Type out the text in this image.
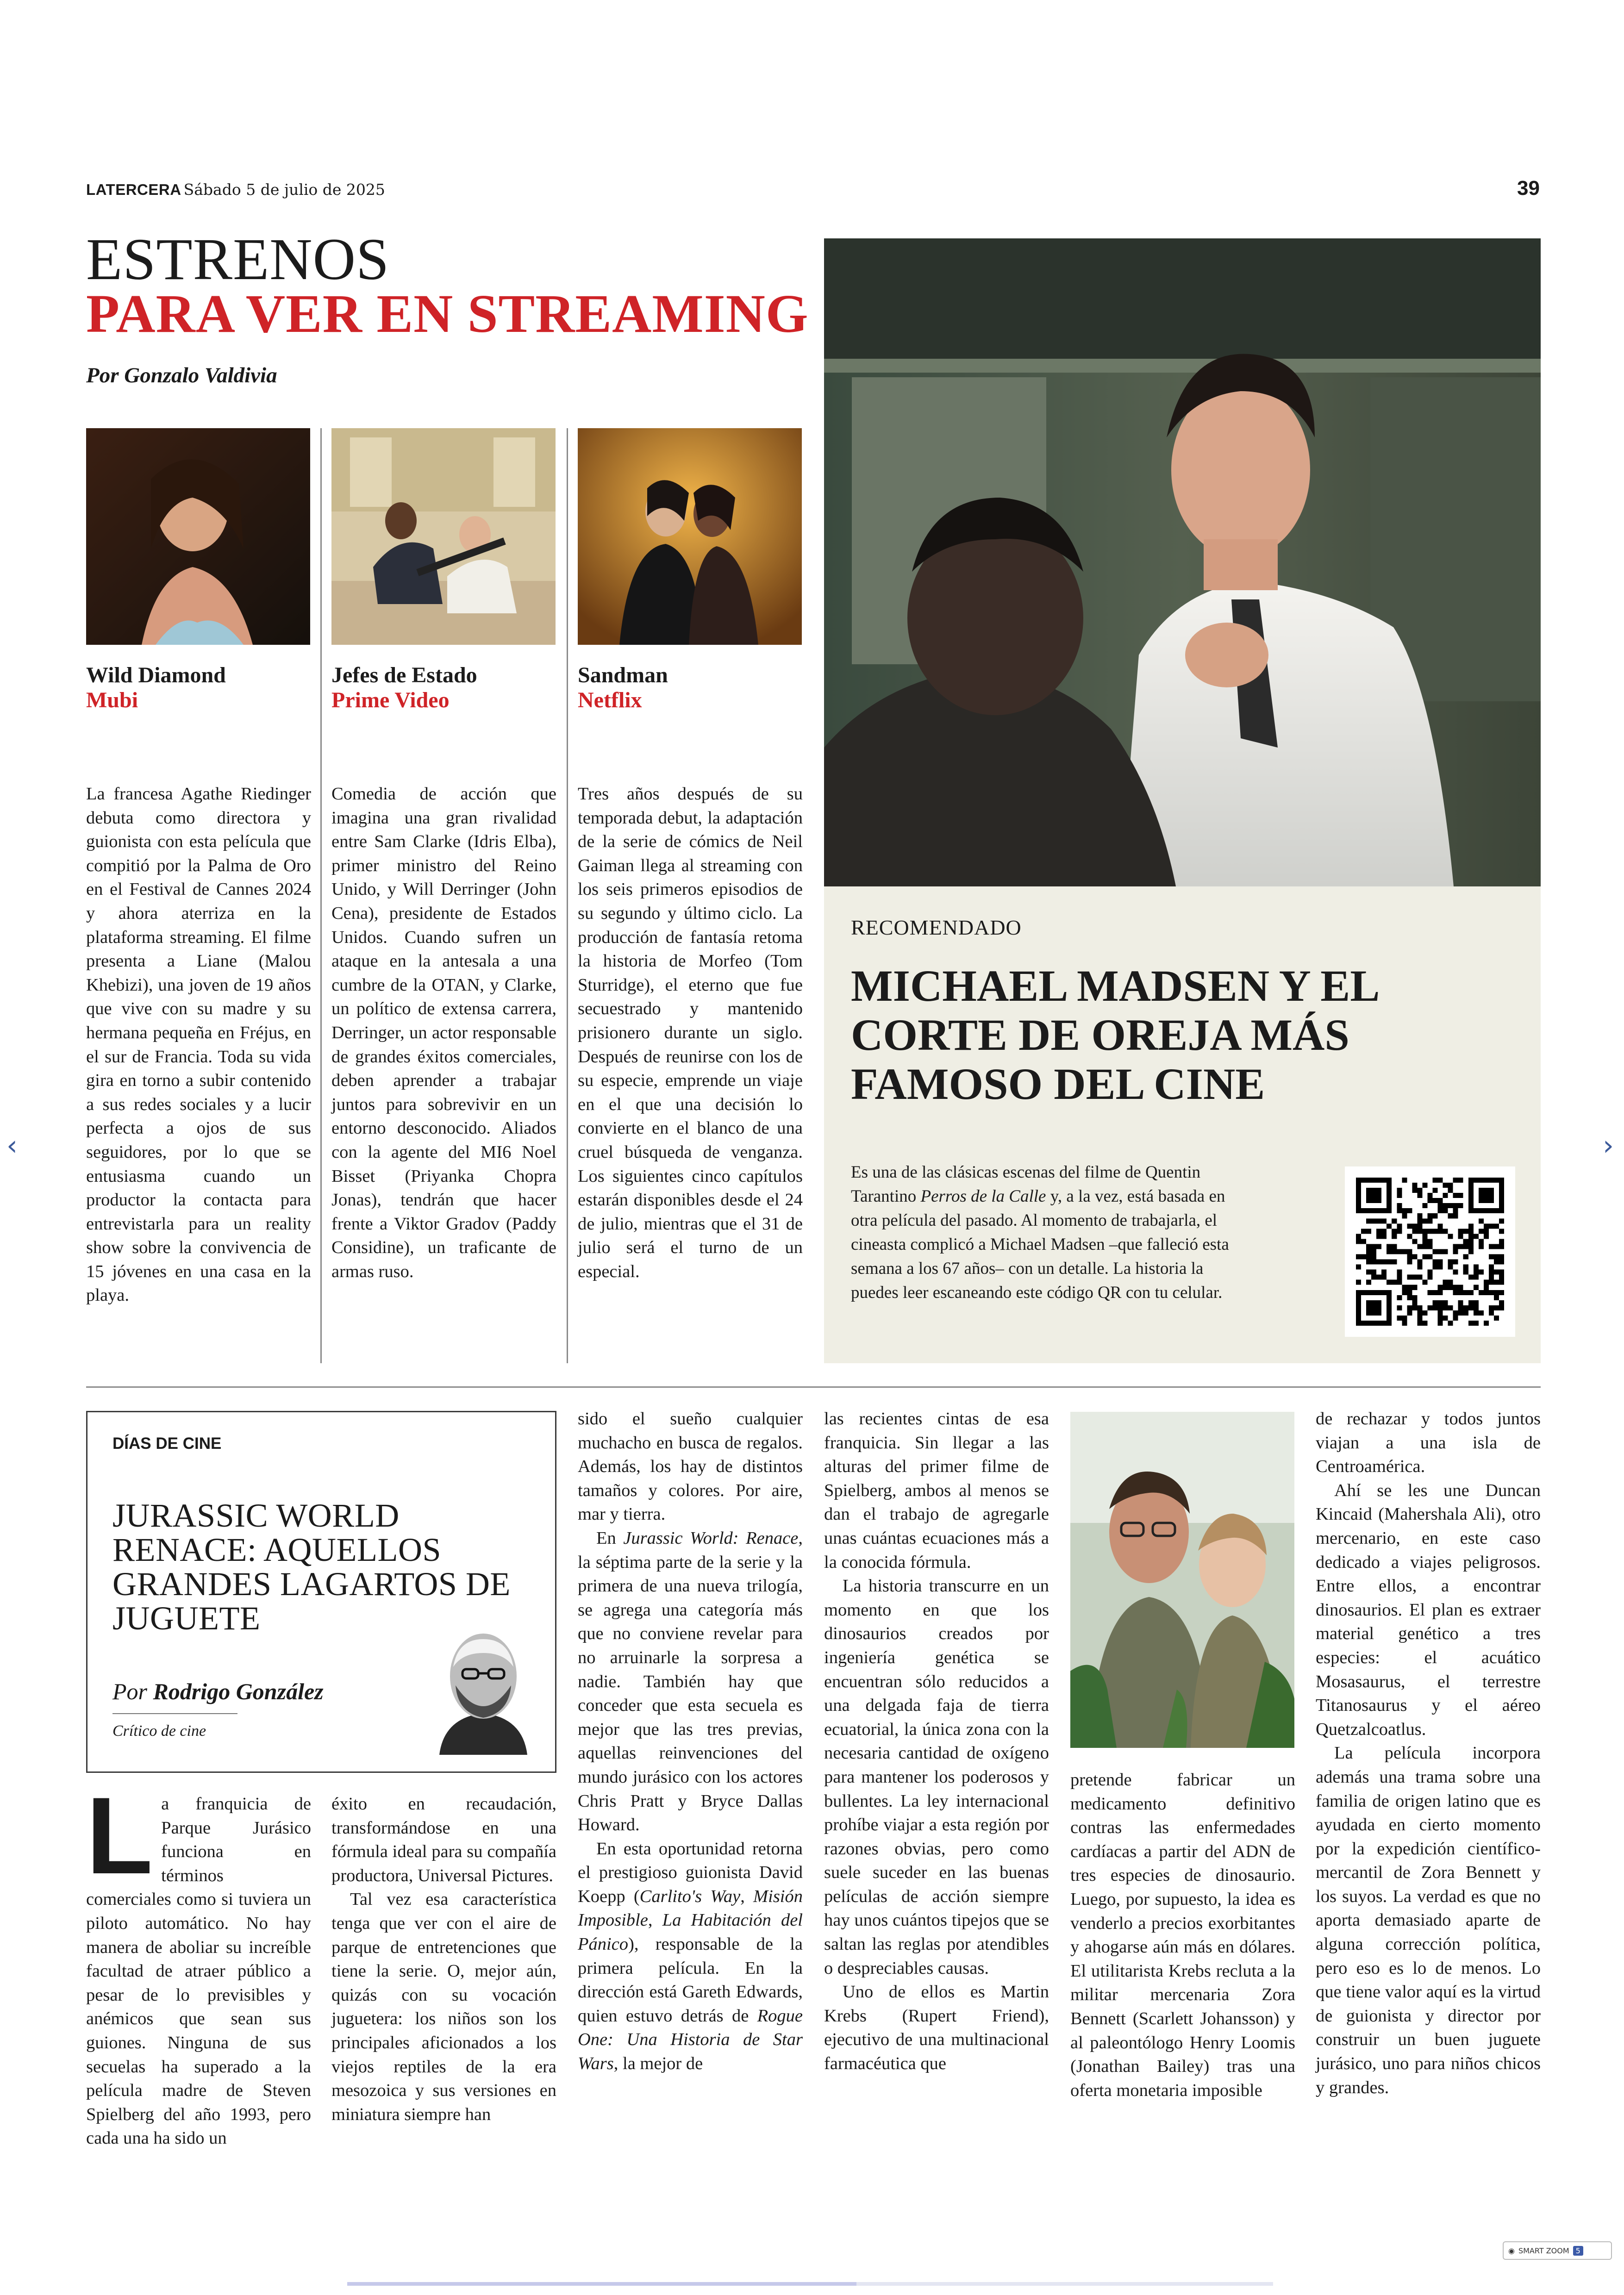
‹	›
LATERCERA Sábado 5 de julio de 2025	39
ESTRENOS
PARA VER EN STREAMING
Por Gonzalo Valdivia
Wild Diamond
Mubi
Jefes de Estado
Prime Video
Sandman
Netflix
La francesa Agathe Riedinger debuta como directora y guionista con esta película que compitió por la Palma de Oro en el Festival de Cannes 2024 y ahora aterriza en la plataforma streaming. El filme presenta a Liane (Malou Khebizi), una joven de 19 años que vive con su madre y su hermana pequeña en Fréjus, en el sur de Francia. Toda su vida gira en torno a subir contenido a sus redes sociales y a lucir perfecta a ojos de sus seguidores, por lo que se entusiasma cuando un productor la contacta para entrevistarla para un reality show sobre la convivencia de 15 jóvenes en una casa en la playa.
Comedia de acción que imagina una gran rivalidad entre Sam Clarke (Idris Elba), primer ministro del Reino Unido, y Will Derringer (John Cena), presidente de Estados Unidos. Cuando sufren un ataque en la antesala a una cumbre de la OTAN, y Clarke, un político de extensa carrera, Derringer, un actor responsable de grandes éxitos comerciales, deben aprender a trabajar juntos para sobrevivir en un entorno desconocido. Aliados con la agente del MI6 Noel Bisset (Priyanka Chopra Jonas), tendrán que hacer frente a Viktor Gradov (Paddy Considine), un traficante de armas ruso.
Tres años después de su temporada debut, la adaptación de la serie de cómics de Neil Gaiman llega al streaming con los seis primeros episodios de su segundo y último ciclo. La producción de fantasía retoma la historia de Morfeo (Tom Sturridge), el eterno que fue secuestrado y mantenido prisionero durante un siglo. Después de reunirse con los de su especie, emprende un viaje en el que una decisión lo convierte en el blanco de una cruel búsqueda de venganza. Los siguientes cinco capítulos estarán disponibles desde el 24 de julio, mientras que el 31 de julio será el turno de un especial.
RECOMENDADO
MICHAEL MADSEN Y EL CORTE DE OREJA MÁS FAMOSO DEL CINE
Es una de las clásicas escenas del filme de Quentin Tarantino Perros de la Calle y, a la vez, está basada en otra película del pasado. Al momento de trabajarla, el cineasta complicó a Michael Madsen –que falleció esta semana a los 67 años– con un detalle. La historia la puedes leer escaneando este código QR con tu celular.
DÍAS DE CINE
JURASSIC WORLD RENACE: AQUELLOS GRANDES LAGARTOS DE JUGUETE
Por Rodrigo González
Crítico de cine
La franquicia de Parque Jurásico funciona en términos comerciales como si tuviera un piloto automático. No hay manera de aboliar su increíble facultad de atraer público a pesar de lo previsibles y anémicos que sean sus guiones. Ninguna de sus secuelas ha superado a la película madre de Steven Spielberg del año 1993, pero cada una ha sido un
éxito en recaudación, transformándose en una fórmula ideal para su compañía productora, Universal Pictures.
Tal vez esa característica tenga que ver con el aire de parque de entretenciones que tiene la serie. O, mejor aún, quizás con su vocación juguetera: los niños son los principales aficionados a los viejos reptiles de la era mesozoica y sus versiones en miniatura siempre han
sido el sueño cualquier muchacho en busca de regalos. Además, los hay de distintos tamaños y colores. Por aire, mar y tierra.
En Jurassic World: Renace, la séptima parte de la serie y la primera de una nueva trilogía, se agrega una categoría más que no conviene revelar para no arruinarle la sorpresa a nadie. También hay que conceder que esta secuela es mejor que las tres previas, aquellas reinvenciones del mundo jurásico con los actores Chris Pratt y Bryce Dallas Howard.
En esta oportunidad retorna el prestigioso guionista David Koepp (Carlito's Way, Misión Imposible, La Habitación del Pánico), responsable de la primera película. En la dirección está Gareth Edwards, quien estuvo detrás de Rogue One: Una Historia de Star Wars, la mejor de
las recientes cintas de esa franquicia. Sin llegar a las alturas del primer filme de Spielberg, ambos al menos se dan el trabajo de agregarle unas cuántas ecuaciones más a la conocida fórmula.
La historia transcurre en un momento en que los dinosaurios creados por ingeniería genética se encuentran sólo reducidos a una delgada faja de tierra ecuatorial, la única zona con la necesaria cantidad de oxígeno para mantener los poderosos y bullentes. La ley internacional prohíbe viajar a esta región por razones obvias, pero como suele suceder en las buenas películas de acción siempre hay unos cuántos tipejos que se saltan las reglas por atendibles o despreciables causas.
Uno de ellos es Martin Krebs (Rupert Friend), ejecutivo de una multinacional farmacéutica que
pretende fabricar un medicamento definitivo contras las enfermedades cardíacas a partir del ADN de tres especies de dinosaurio. Luego, por supuesto, la idea es venderlo a precios exorbitantes y ahogarse aún más en dólares. El utilitarista Krebs recluta a la militar mercenaria Zora Bennett (Scarlett Johansson) y al paleontólogo Henry Loomis (Jonathan Bailey) tras una oferta monetaria imposible
de rechazar y todos juntos viajan a una isla de Centroamérica.
Ahí se les une Duncan Kincaid (Mahershala Ali), otro mercenario, en este caso dedicado a viajes peligrosos. Entre ellos, a encontrar dinosaurios. El plan es extraer material genético a tres especies: el acuático Mosasaurus, el terrestre Titanosaurus y el aéreo Quetzalcoatlus.
La película incorpora además una trama sobre una familia de origen latino que es ayudada en cierto momento por la expedición científico-mercantil de Zora Bennett y los suyos. La verdad es que no aporta demasiado aparte de alguna corrección política, pero eso es lo de menos. Lo que tiene valor aquí es la virtud de guionista y director por construir un buen juguete jurásico, uno para niños chicos y grandes.
◉ SMART ZOOM 5
